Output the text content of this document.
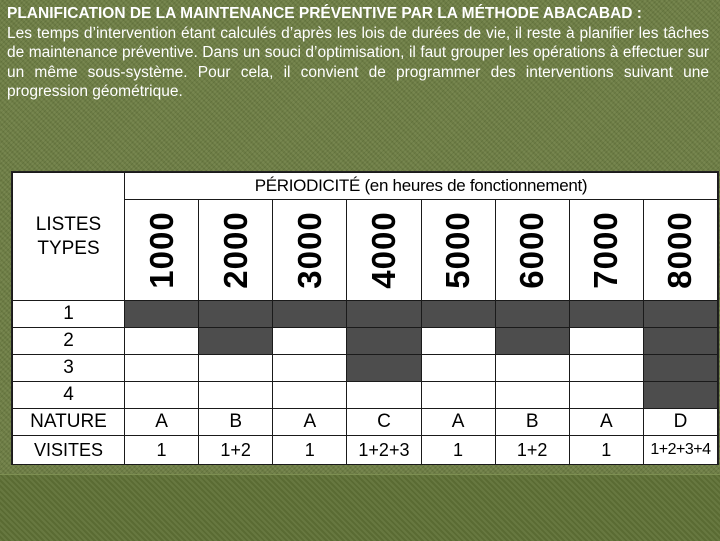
PLANIFICATION DE LA MAINTENANCE PRÉVENTIVE PAR LA MÉTHODE ABACABAD :
Les temps d’intervention étant calculés d’après les lois de durées de vie, il reste à planifier les tâches de maintenance préventive. Dans un souci d’optimisation, il faut grouper les opérations à effectuer sur un même sous-système. Pour cela, il convient de programmer des interventions suivant une progression géométrique.
LISTES
TYPES	PÉRIODICITÉ (en heures de fonctionnement)							

	1000	2000	3000	4000	5000	6000	7000	8000

1								
2								
3								
4								
NATURE	A	B	A	C	A	B	A	D
VISITES	1	1+2	1	1+2+3	1	1+2	1	1+2+3+4
